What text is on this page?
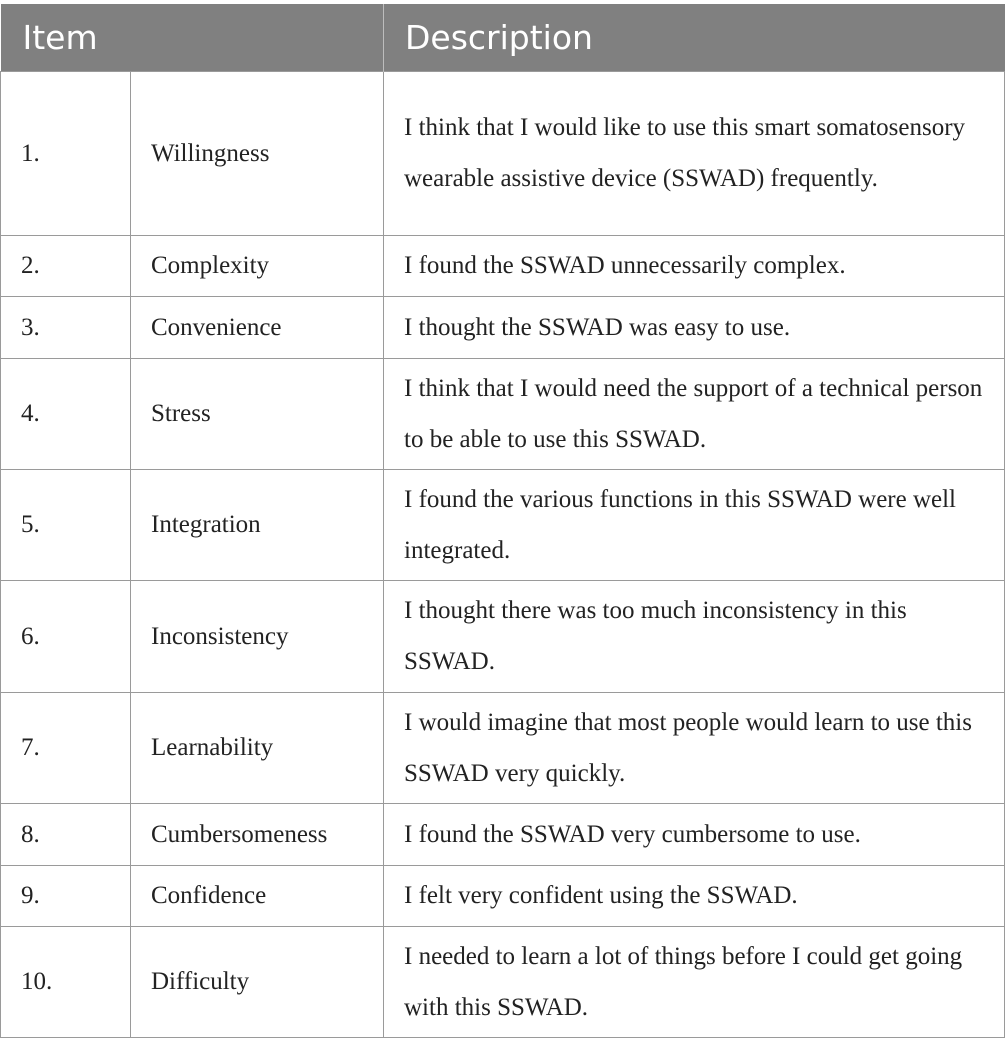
Item		Description
1.	Willingness	I think that I would like to use this smart somatosensory wearable assistive device (SSWAD) frequently.
2.	Complexity	I found the SSWAD unnecessarily complex.
3.	Convenience	I thought the SSWAD was easy to use.
4.	Stress	I think that I would need the support of a technical person to be able to use this SSWAD.
5.	Integration	I found the various functions in this SSWAD were well integrated.
6.	Inconsistency	I thought there was too much inconsistency in this SSWAD.
7.	Learnability	I would imagine that most people would learn to use this SSWAD very quickly.
8.	Cumbersomeness	I found the SSWAD very cumbersome to use.
9.	Confidence	I felt very confident using the SSWAD.
10.	Difficulty	I needed to learn a lot of things before I could get going with this SSWAD.
